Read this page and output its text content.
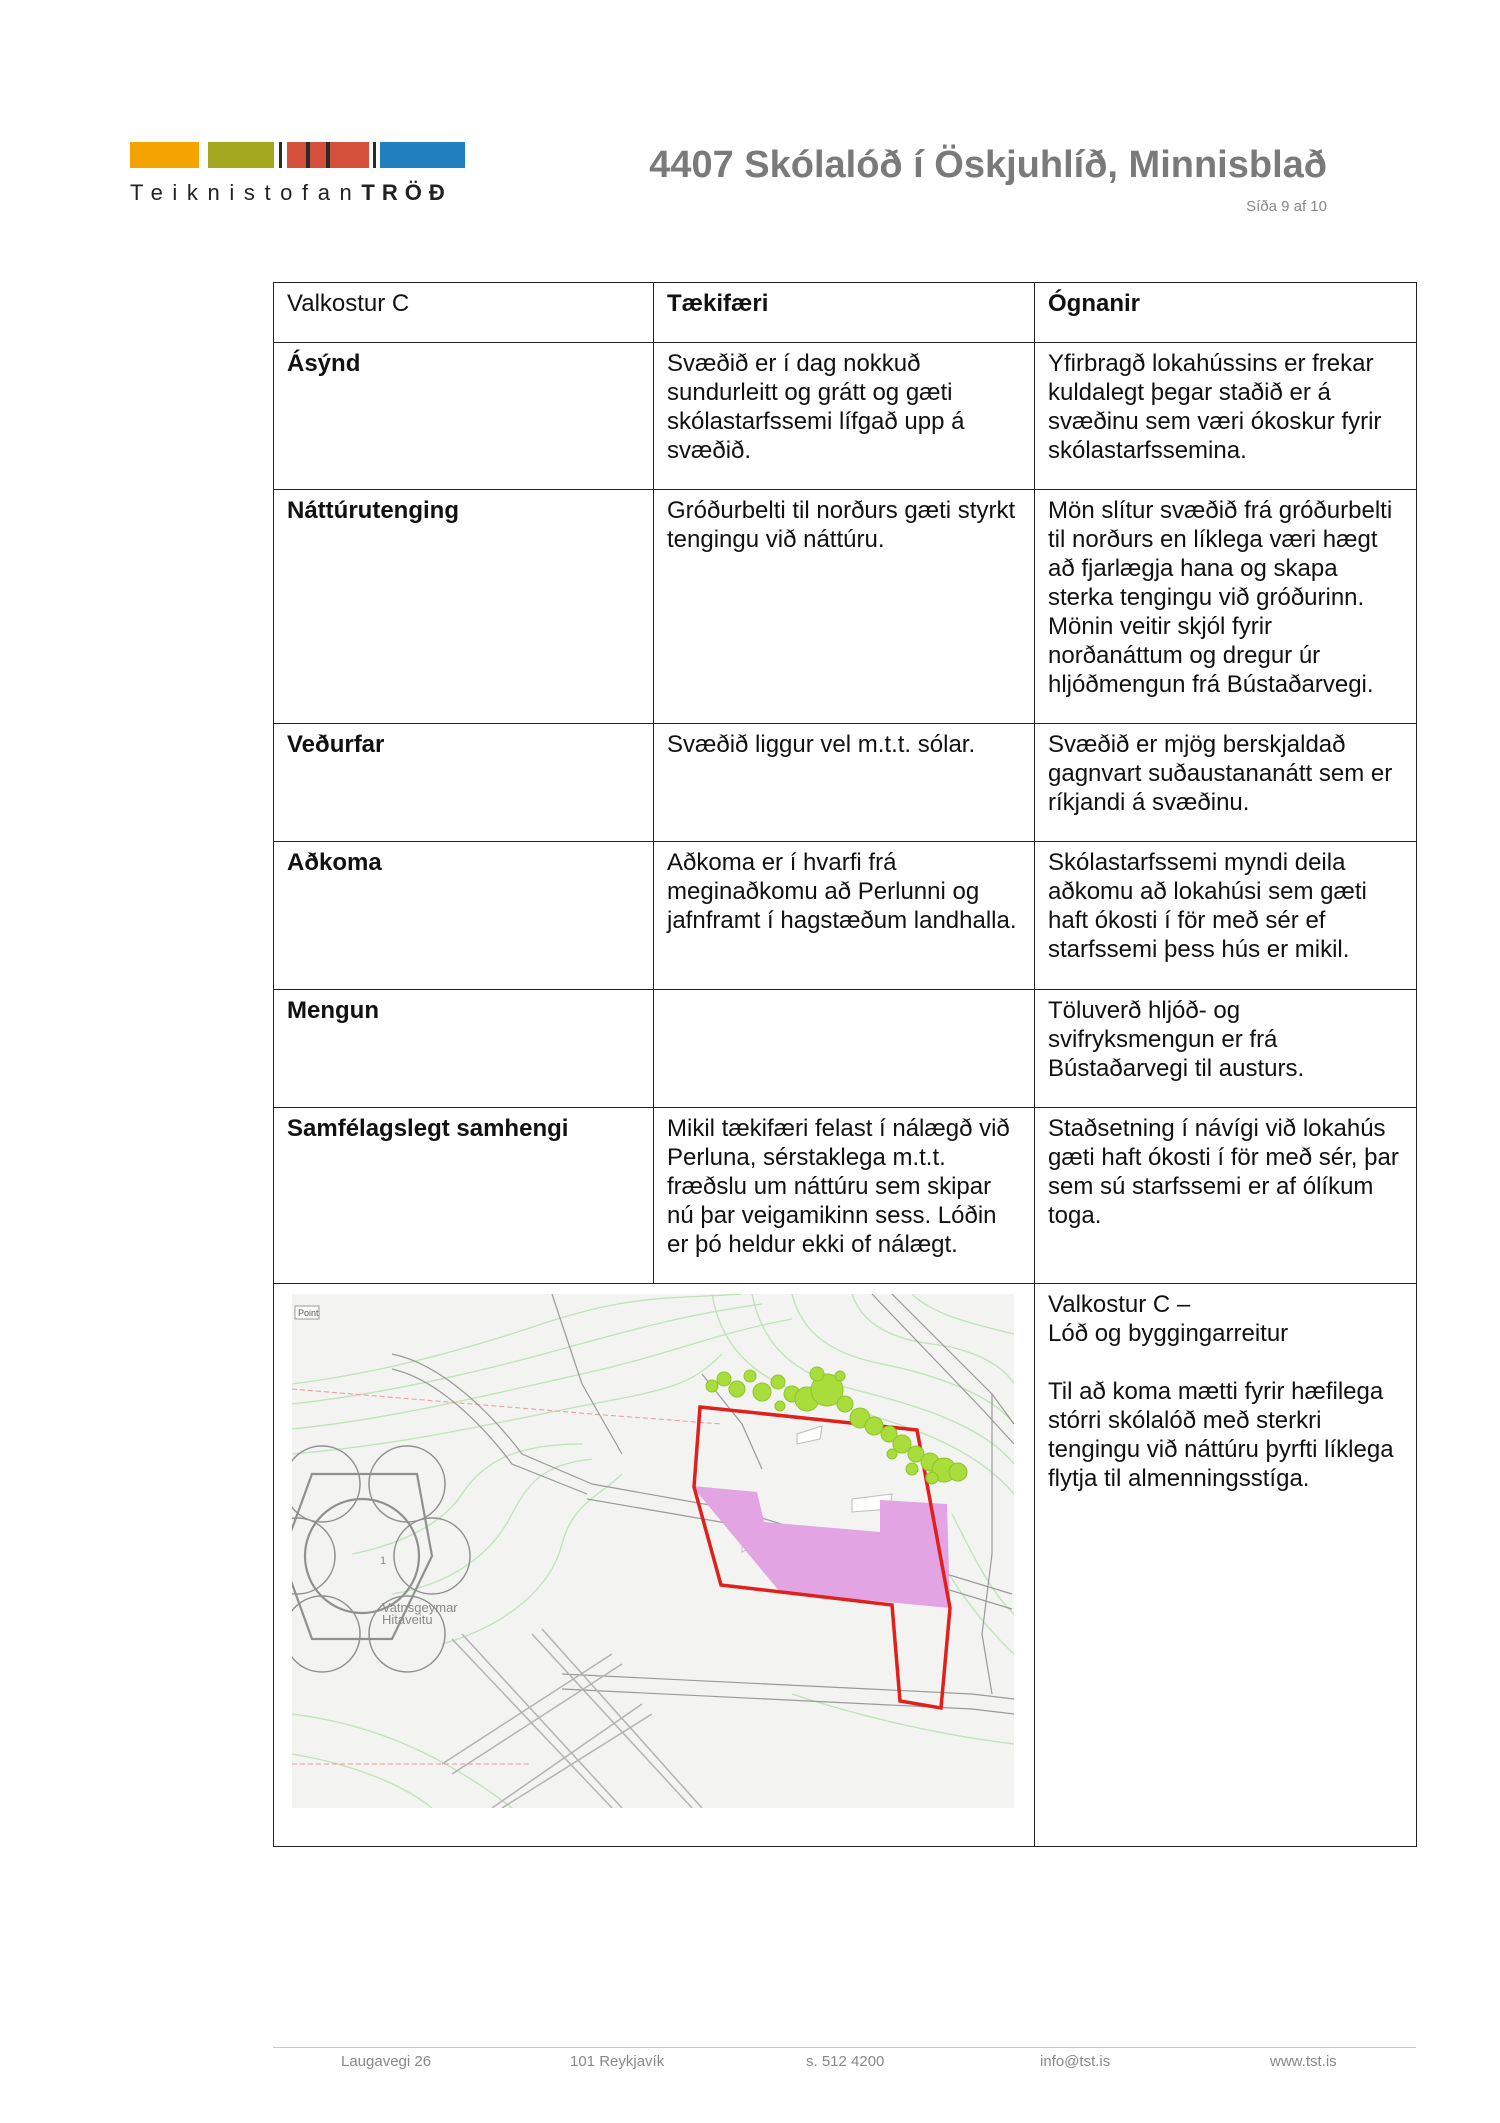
TeiknistofanTRÖÐ
4407 Skólalóð í Öskjuhlíð, Minnisblað
Síða 9 af 10
Valkostur C	Tækifæri	Ógnanir
Ásýnd	Svæðið er í dag nokkuð sundurleitt og grátt og gæti skólastarfssemi lífgað upp á svæðið.	Yfirbragð lokahússins er frekar kuldalegt þegar staðið er á svæðinu sem væri ókoskur fyrir skólastarfssemina.
Náttúrutenging	Gróðurbelti til norðurs gæti styrkt tengingu við náttúru.	Mön slítur svæðið frá gróðurbelti til norðurs en líklega væri hægt að fjarlægja hana og skapa sterka tengingu við gróðurinn. Mönin veitir skjól fyrir norðanáttum og dregur úr hljóðmengun frá Bústaðarvegi.
Veðurfar	Svæðið liggur vel m.t.t. sólar.	Svæðið er mjög berskjaldað gagnvart suðaustananátt sem er ríkjandi á svæðinu.
Aðkoma	Aðkoma er í hvarfi frá meginaðkomu að Perlunni og jafnframt í hagstæðum landhalla.	Skólastarfssemi myndi deila aðkomu að lokahúsi sem gæti haft ókosti í för með sér ef starfssemi þess hús er mikil.
Mengun		Töluverð hljóð- og svifryksmengun er frá Bústaðarvegi til austurs.
Samfélagslegt samhengi	Mikil tækifæri felast í nálægð við Perluna, sérstaklega m.t.t. fræðslu um náttúru sem skipar nú þar veigamikinn sess. Lóðin er þó heldur ekki of nálægt.	Staðsetning í návígi við lokahús gæti haft ókosti í för með sér, þar sem sú starfssemi er af ólíkum toga.

Vatnsgeymar
Hitaveitu
1
Point		Valkostur C –
Lóð og byggingarreitur
Til að koma mætti fyrir hæfilega stórri skólalóð með sterkri tengingu við náttúru þyrfti líklega flytja til almenningsstíga.
Laugavegi 26	101 Reykjavík	s. 512 4200	info@tst.is	www.tst.is
